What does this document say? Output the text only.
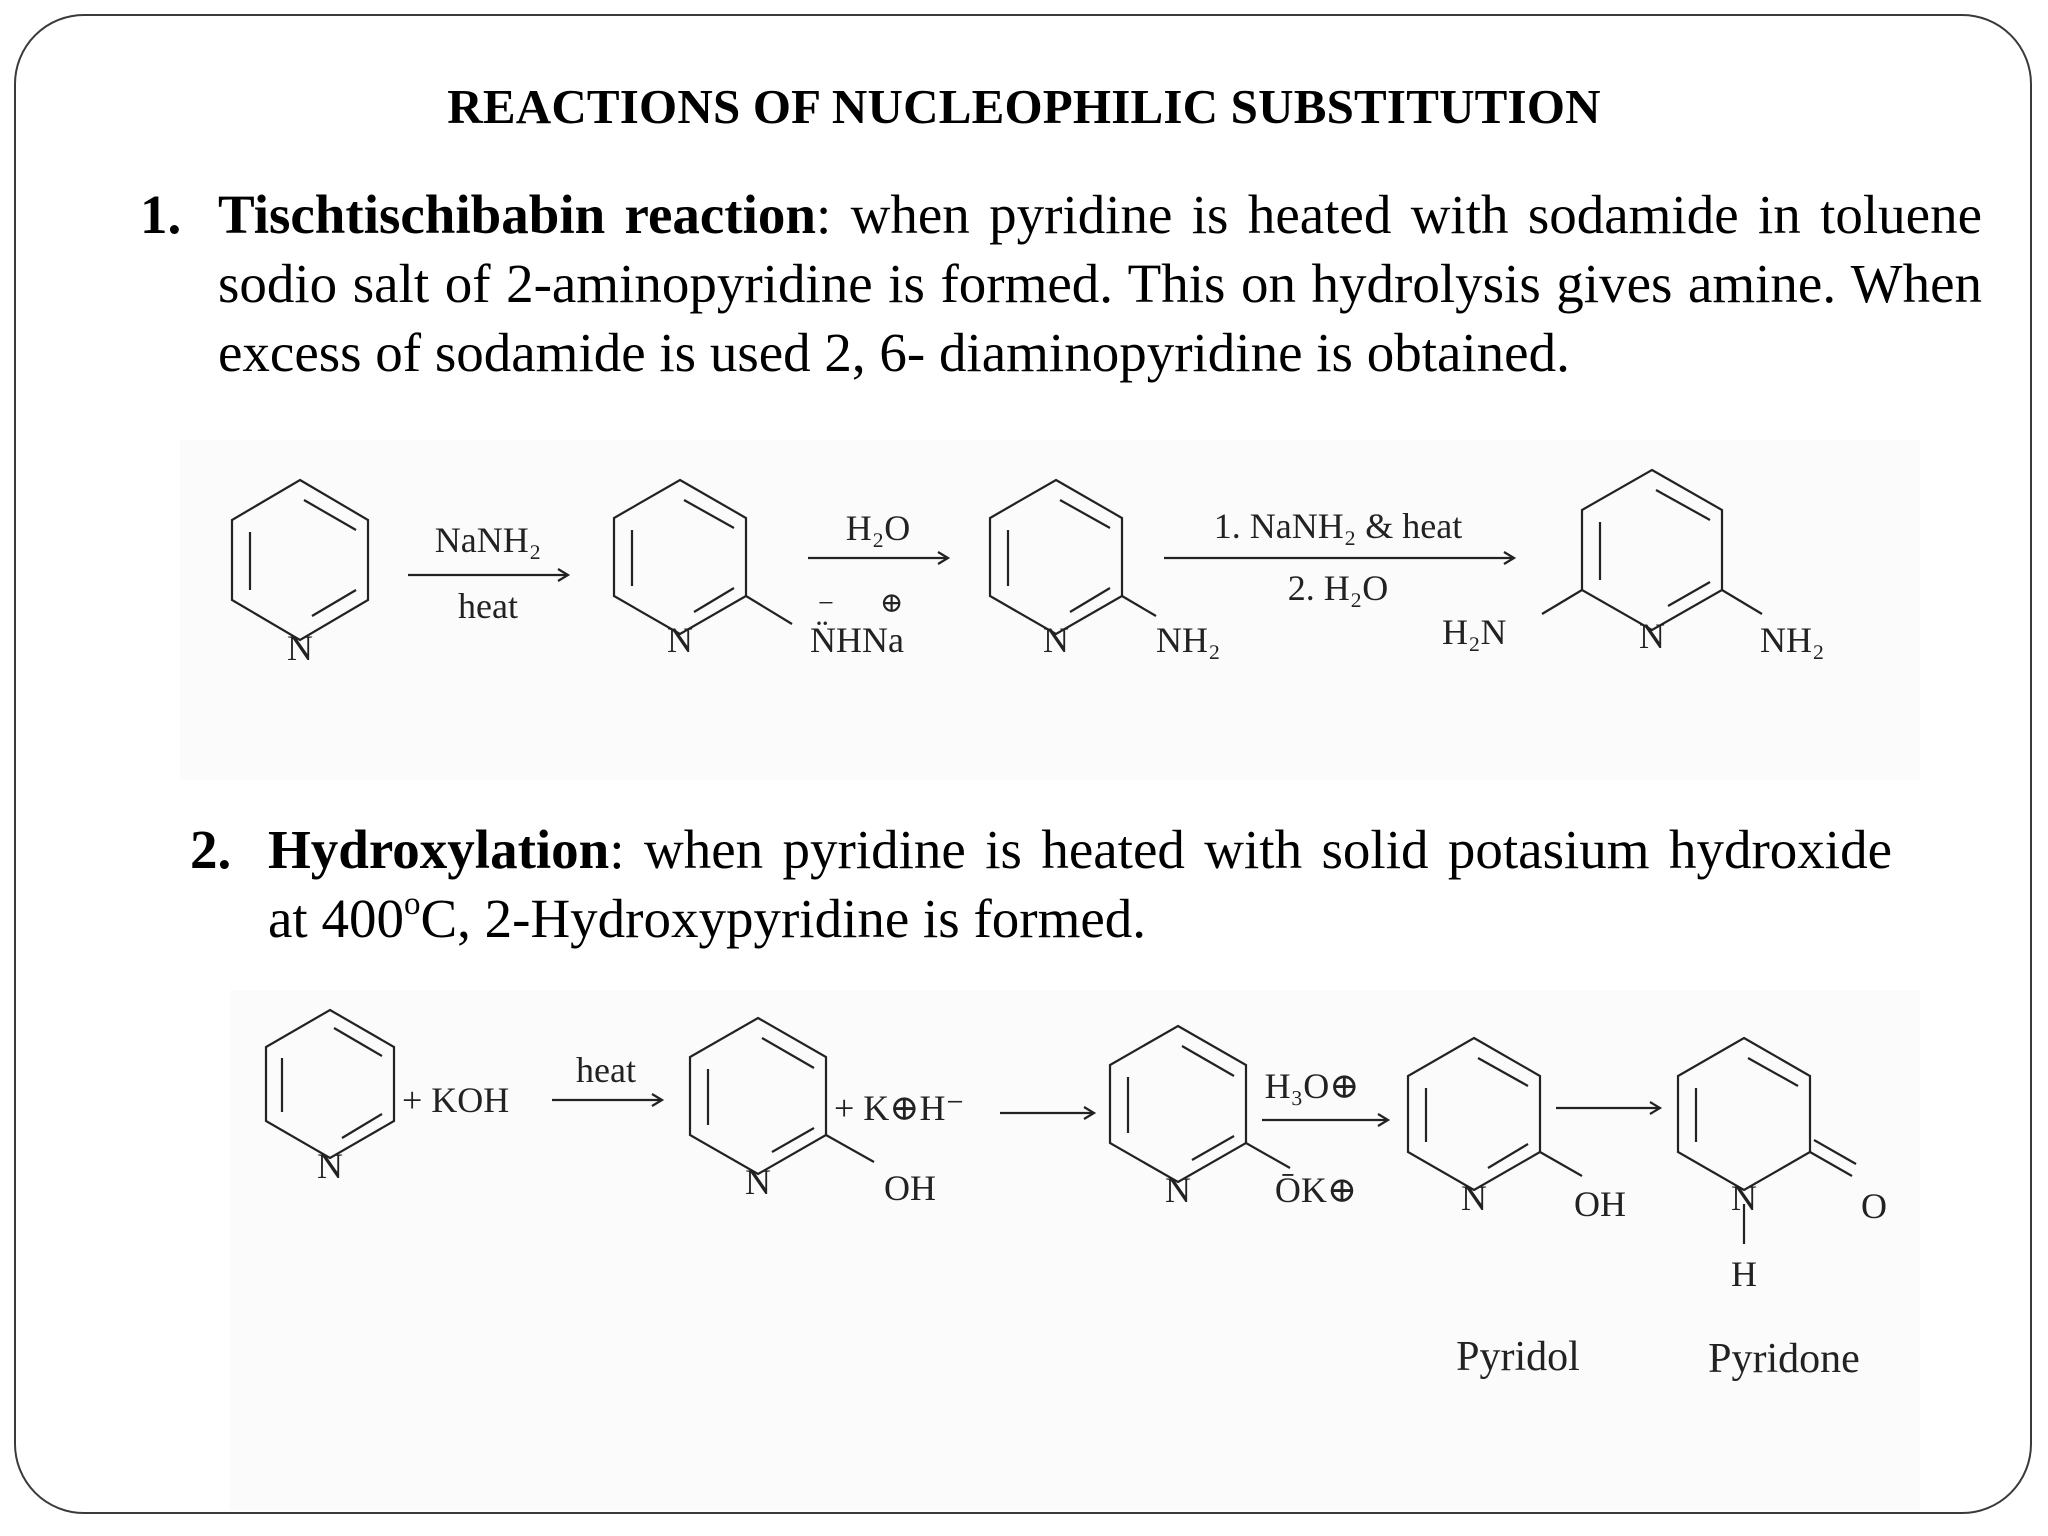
REACTIONS OF NUCLEOPHILIC SUBSTITUTION
1. Tischtischibabin reaction: when pyridine is heated with sodamide in toluene sodio salt of 2-aminopyridine is formed. This on hydrolysis gives amine. When excess of sodamide is used 2, 6- diaminopyridine is obtained.
N
NaNH₂
heat
N	N̈HNa
− ⊕
H₂O
N NH₂
1. NaNH₂ & heat
2. H₂O
N
H₂N	NH₂
2. Hydroxylation: when pyridine is heated with solid potasium hydroxide at 400$^o$C, 2-Hydroxypyridine is formed.
N
+ KOH
heat
N	OH
+ K⊕H⁻
N
H₃O⊕
ŌK⊕	N OH	N	O
H
Pyridol	Pyridone
